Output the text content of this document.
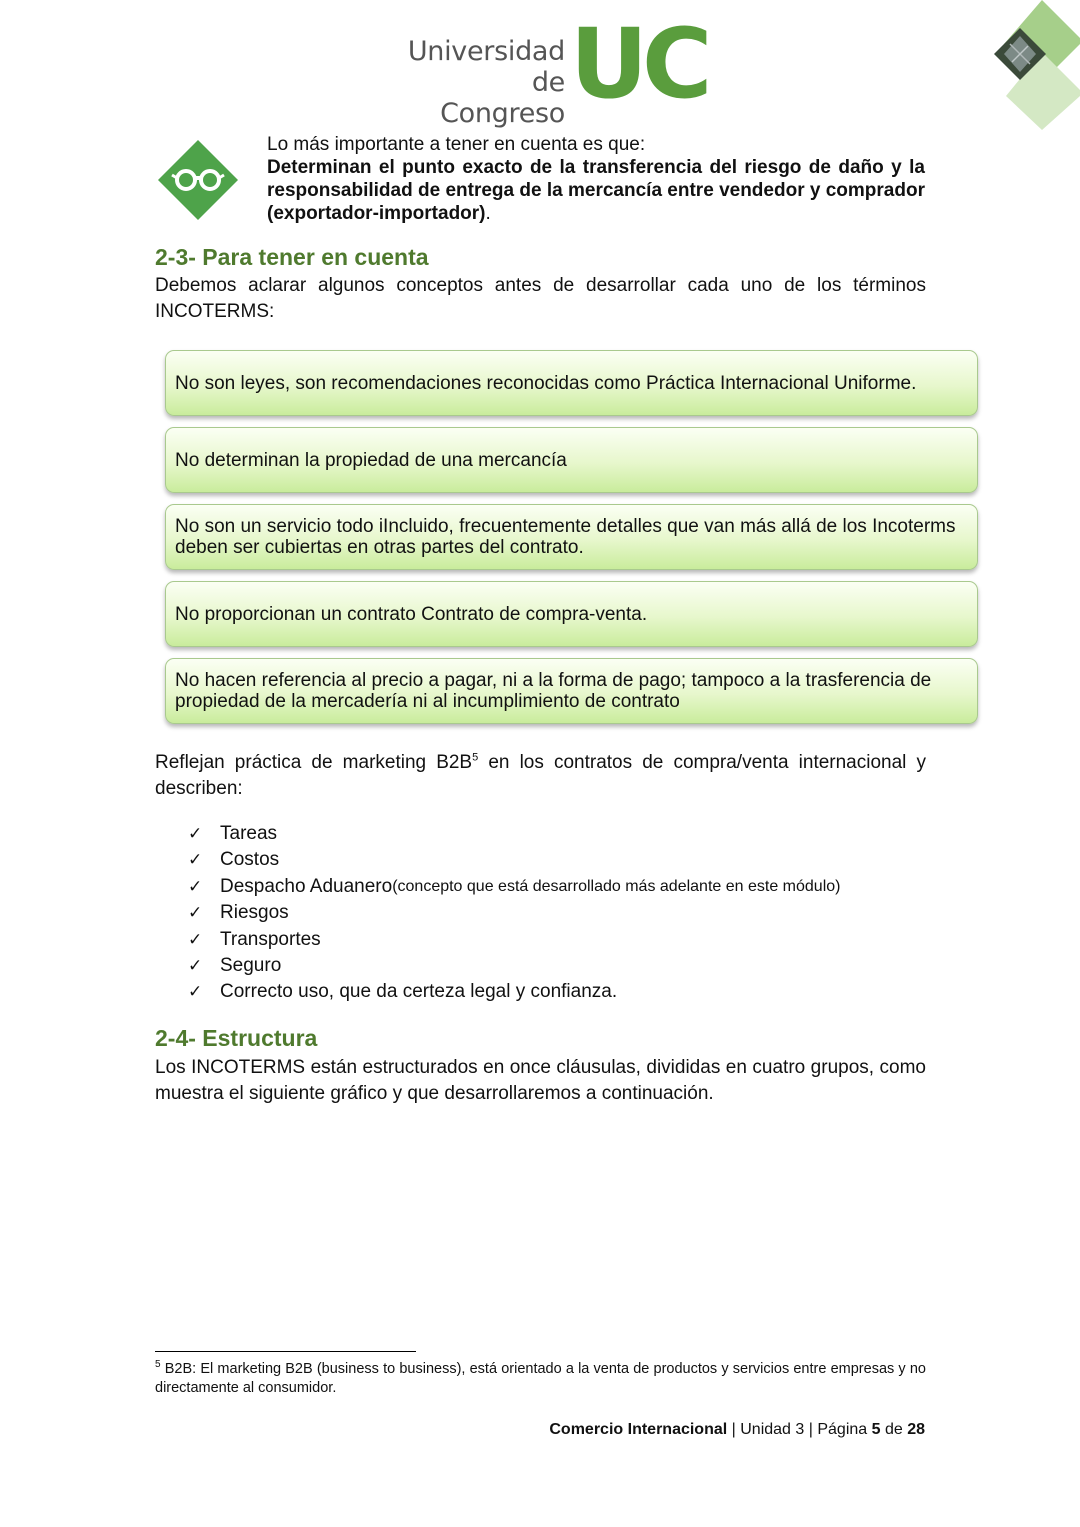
Universidad
de Congreso UC
Lo más importante a tener en cuenta es que:
Determinan el punto exacto de la transferencia del riesgo de daño y la responsabilidad de entrega de la mercancía entre vendedor y comprador (exportador-importador).
2-3- Para tener en cuenta
Debemos aclarar algunos conceptos antes de desarrollar cada uno de los términos INCOTERMS:
No son leyes, son recomendaciones reconocidas como Práctica Internacional Uniforme.
No determinan la propiedad de una mercancía
No son un servicio todo iIncluido, frecuentemente detalles que van más allá de los Incoterms deben ser cubiertas en otras partes del contrato.
No proporcionan un contrato Contrato de compra-venta.
No hacen referencia al precio a pagar, ni a la forma de pago; tampoco a la trasferencia de propiedad de la mercadería ni al incumplimiento de contrato
Reflejan práctica de marketing $B2B^5$ en los contratos de compra/venta internacional y describen:
✓ Tareas
✓ Costos
✓ Despacho Aduanero (concepto que está desarrollado más adelante en este módulo)
✓ Riesgos
✓ Transportes
✓ Seguro
✓ Correcto uso, que da certeza legal y confianza.
2-4- Estructura
Los INCOTERMS están estructurados en once cláusulas, divididas en cuatro grupos, como muestra el siguiente gráfico y que desarrollaremos a continuación.
$^5$ B2B: El marketing B2B (business to business), está orientado a la venta de productos y servicios entre empresas y no directamente al consumidor.
Comercio Internacional | Unidad 3 | Página 5 de 28
